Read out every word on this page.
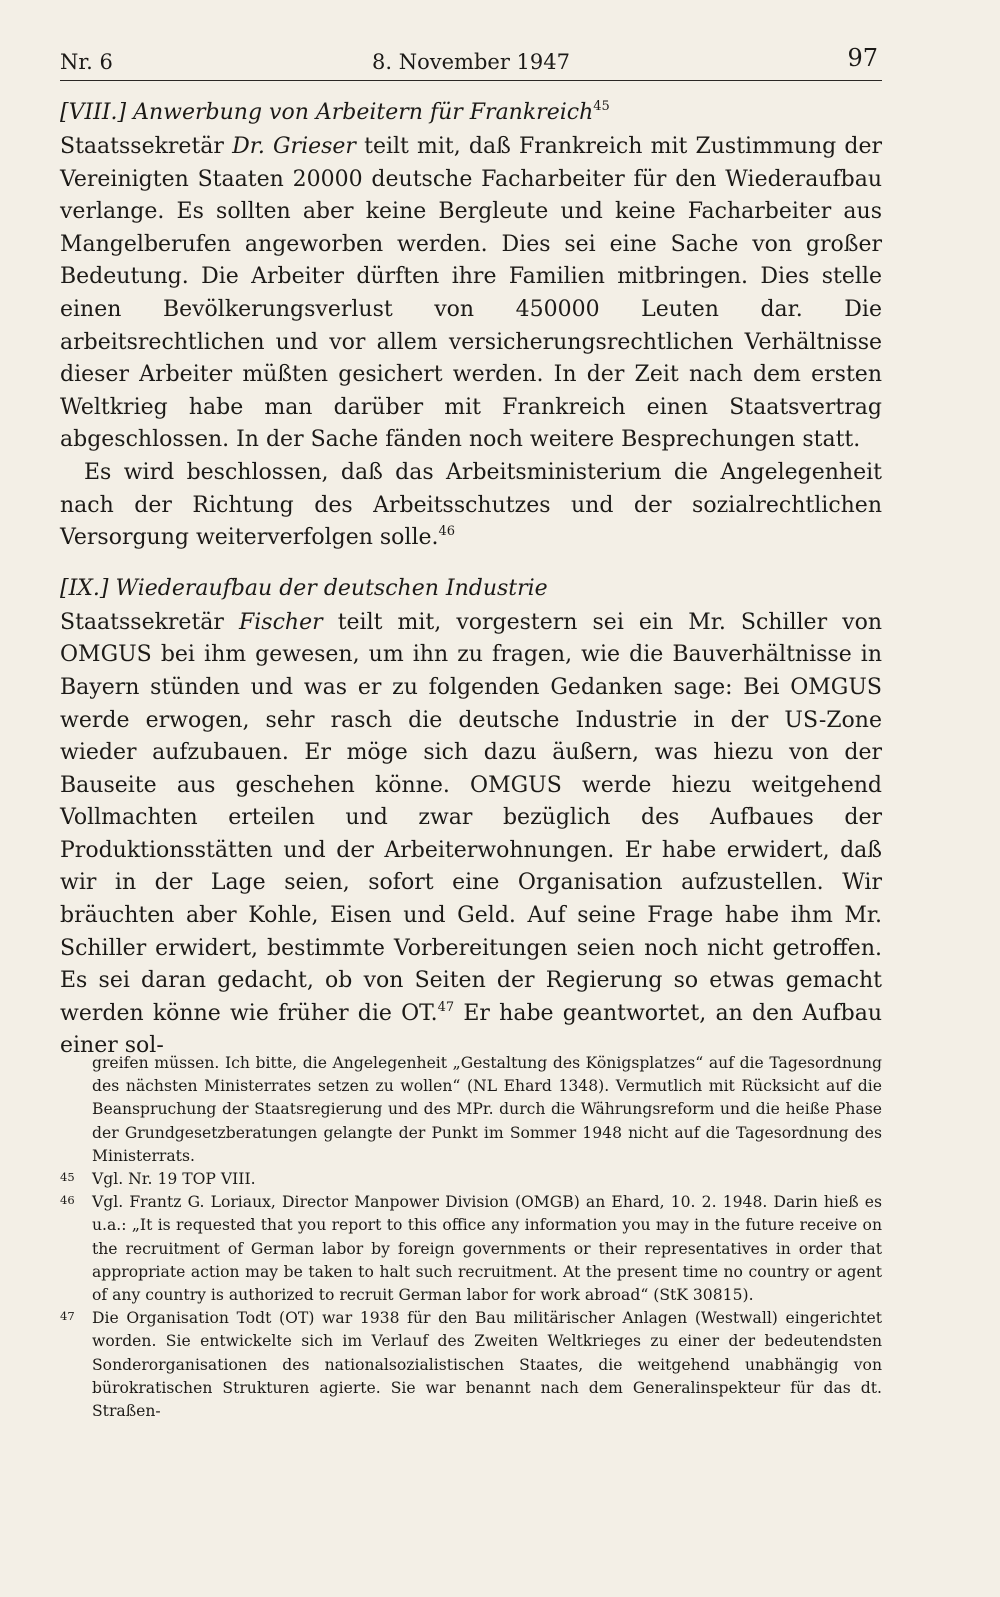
Nr. 6	8. November 1947	97
[VIII.] Anwerbung von Arbeitern für Frankreich$^{45}$

Staatssekretär Dr. Grieser teilt mit, daß Frankreich mit Zustimmung der Vereinigten Staaten 20000 deutsche Facharbeiter für den Wiederaufbau verlange. Es sollten aber keine Bergleute und keine Facharbeiter aus Mangelberufen angeworben werden. Dies sei eine Sache von großer Bedeutung. Die Arbeiter dürften ihre Familien mitbringen. Dies stelle einen Bevölkerungsverlust von 450000 Leuten dar. Die arbeitsrechtlichen und vor allem versicherungsrechtlichen Verhältnisse dieser Arbeiter müßten gesichert werden. In der Zeit nach dem ersten Weltkrieg habe man darüber mit Frankreich einen Staatsvertrag abgeschlossen. In der Sache fänden noch weitere Besprechungen statt.

Es wird beschlossen, daß das Arbeitsministerium die Angelegenheit nach der Richtung des Arbeitsschutzes und der sozialrechtlichen Versorgung weiterverfolgen solle.$^{46}$

[IX.] Wiederaufbau der deutschen Industrie

Staatssekretär Fischer teilt mit, vorgestern sei ein Mr. Schiller von OMGUS bei ihm gewesen, um ihn zu fragen, wie die Bauverhältnisse in Bayern stünden und was er zu folgenden Gedanken sage: Bei OMGUS werde erwogen, sehr rasch die deutsche Industrie in der US-Zone wieder aufzubauen. Er möge sich dazu äußern, was hiezu von der Bauseite aus geschehen könne. OMGUS werde hiezu weitgehend Vollmachten erteilen und zwar bezüglich des Aufbaues der Produktionsstätten und der Arbeiterwohnungen. Er habe erwidert, daß wir in der Lage seien, sofort eine Organisation aufzustellen. Wir bräuchten aber Kohle, Eisen und Geld. Auf seine Frage habe ihm Mr. Schiller erwidert, bestimmte Vorbereitungen seien noch nicht getroffen. Es sei daran gedacht, ob von Seiten der Regierung so etwas gemacht werden könne wie früher die OT.$^{47}$ Er habe geantwortet, an den Aufbau einer sol-

greifen müssen. Ich bitte, die Angelegenheit „Gestaltung des Königsplatzes“ auf die Tagesordnung des nächsten Ministerrates setzen zu wollen“ (NL Ehard 1348). Vermutlich mit Rücksicht auf die Beanspruchung der Staatsregierung und des MPr. durch die Währungsreform und die heiße Phase der Grundgesetzberatungen gelangte der Punkt im Sommer 1948 nicht auf die Tagesordnung des Ministerrats.

45 Vgl. Nr. 19 TOP VIII.

46 Vgl. Frantz G. Loriaux, Director Manpower Division (OMGB) an Ehard, 10. 2. 1948. Darin hieß es u.a.: „It is requested that you report to this office any information you may in the future receive on the recruitment of German labor by foreign governments or their representatives in order that appropriate action may be taken to halt such recruitment. At the present time no country or agent of any country is authorized to recruit German labor for work abroad“ (StK 30815).

47 Die Organisation Todt (OT) war 1938 für den Bau militärischer Anlagen (Westwall) eingerichtet worden. Sie entwickelte sich im Verlauf des Zweiten Weltkrieges zu einer der bedeutendsten Sonderorganisationen des nationalsozialistischen Staates, die weitgehend unabhängig von bürokratischen Strukturen agierte. Sie war benannt nach dem Generalinspekteur für das dt. Straßen-
